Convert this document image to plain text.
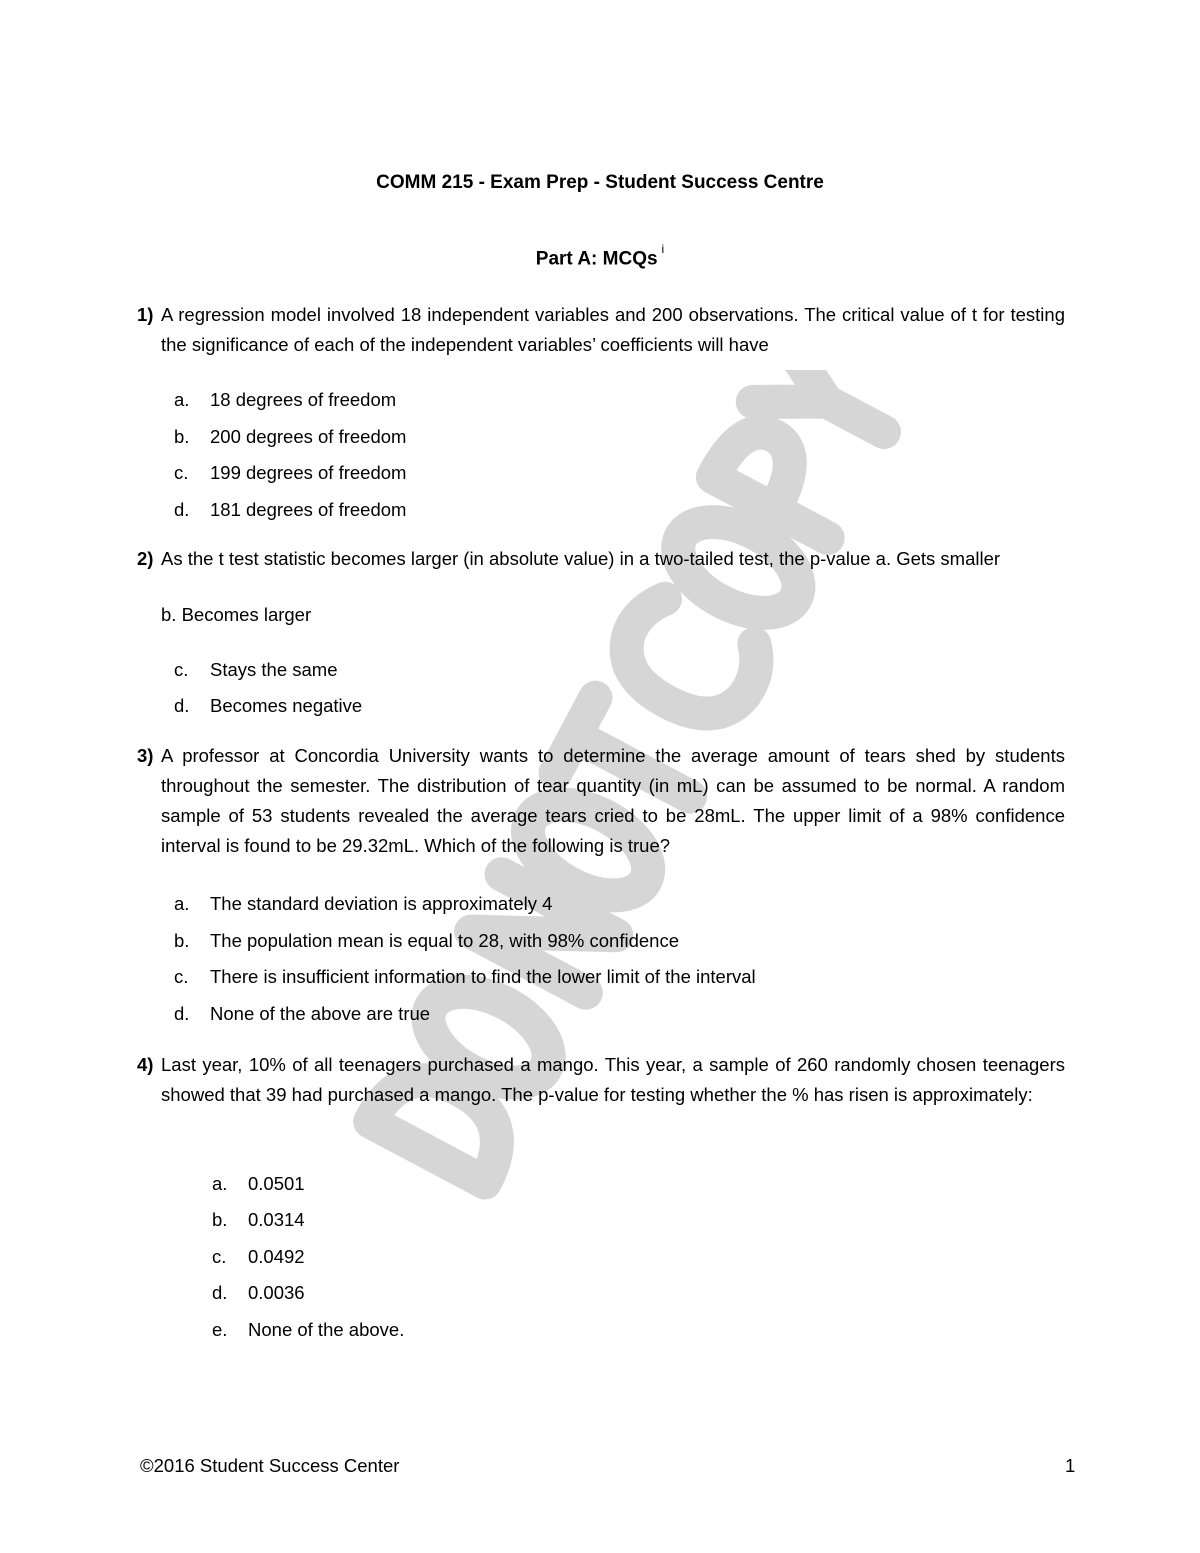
COMM 215 - Exam Prep - Student Success Centre
Part A: MCQs $^i$
1) A regression model involved 18 independent variables and 200 observations. The critical value of t for testing the significance of each of the independent variables’ coefficients will have
a. 18 degrees of freedom
b. 200 degrees of freedom
c. 199 degrees of freedom
d. 181 degrees of freedom
2) As the t test statistic becomes larger (in absolute value) in a two-tailed test, the p-value a. Gets smaller
b. Becomes larger
c. Stays the same
d. Becomes negative
3) A professor at Concordia University wants to determine the average amount of tears shed by students throughout the semester. The distribution of tear quantity (in mL) can be assumed to be normal. A random sample of 53 students revealed the average tears cried to be 28mL. The upper limit of a 98% confidence interval is found to be 29.32mL. Which of the following is true?
a. The standard deviation is approximately 4
b. The population mean is equal to 28, with 98% confidence
c. There is insufficient information to find the lower limit of the interval
d. None of the above are true
4) Last year, 10% of all teenagers purchased a mango. This year, a sample of 260 randomly chosen teenagers showed that 39 had purchased a mango. The p-value for testing whether the % has risen is approximately:
a. 0.0501
b. 0.0314
c. 0.0492
d. 0.0036
e. None of the above.
©2016 Student Success Center	1
